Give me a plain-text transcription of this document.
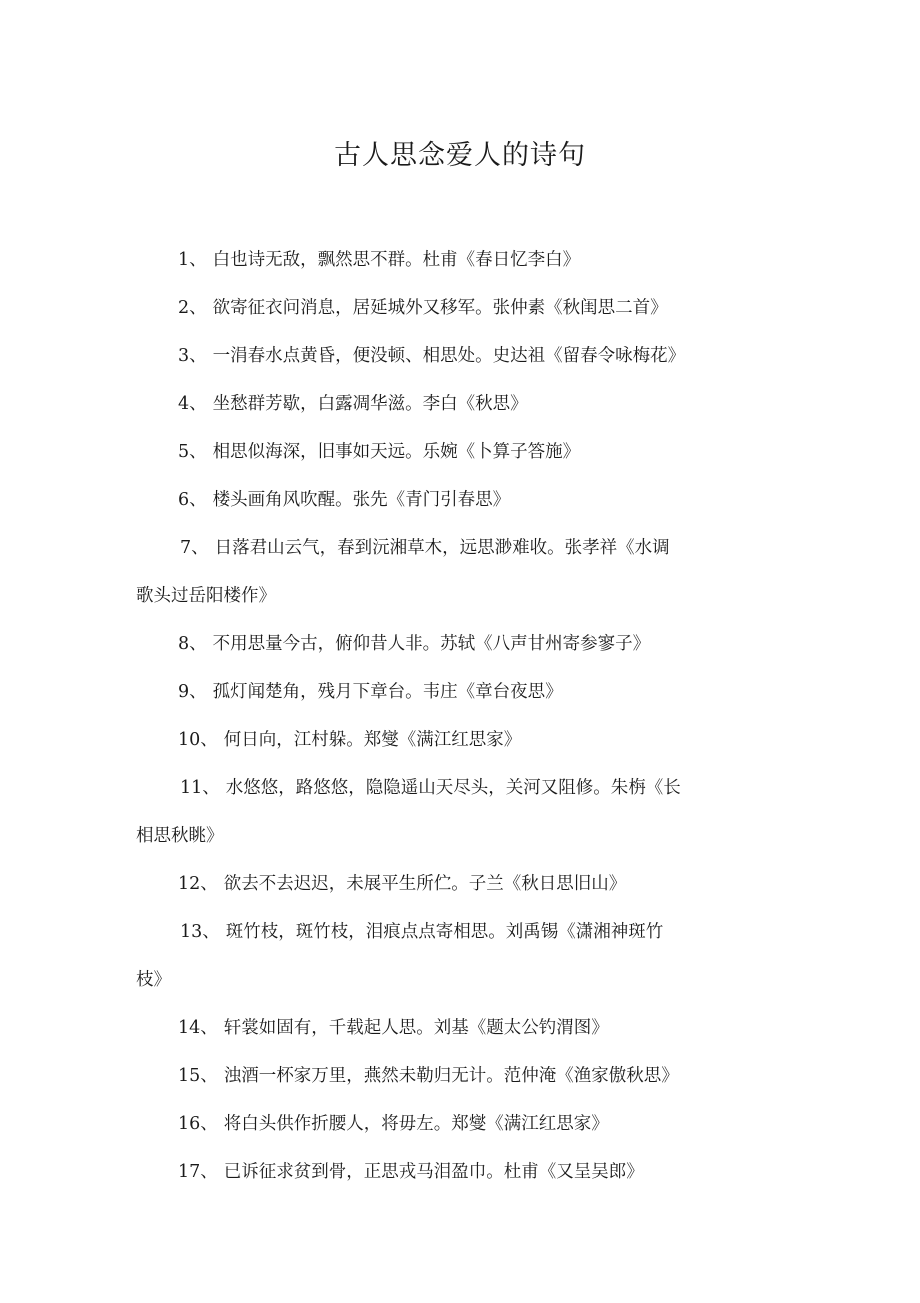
古人思念爱人的诗句
1、 白也诗无敌，飘然思不群。杜甫《春日忆李白》
2、 欲寄征衣问消息，居延城外又移军。张仲素《秋闺思二首》
3、 一涓春水点黄昏，便没顿、相思处。史达祖《留春令咏梅花》
4、 坐愁群芳歇，白露凋华滋。李白《秋思》
5、 相思似海深，旧事如天远。乐婉《卜算子答施》
6、 楼头画角风吹醒。张先《青门引春思》
7、 日落君山云气，春到沅湘草木，远思渺难收。张孝祥《水调
歌头过岳阳楼作》
8、 不用思量今古，俯仰昔人非。苏轼《八声甘州寄参寥子》
9、 孤灯闻楚角，残月下章台。韦庄《章台夜思》
10、 何日向，江村躲。郑燮《满江红思家》
11、 水悠悠，路悠悠，隐隐遥山天尽头，关河又阻修。朱栴《长
相思秋眺》
12、 欲去不去迟迟，未展平生所伫。子兰《秋日思旧山》
13、 斑竹枝，斑竹枝，泪痕点点寄相思。刘禹锡《潇湘神斑竹
枝》
14、 轩裳如固有，千载起人思。刘基《题太公钓渭图》
15、 浊酒一杯家万里，燕然未勒归无计。范仲淹《渔家傲秋思》
16、 将白头供作折腰人，将毋左。郑燮《满江红思家》
17、 已诉征求贫到骨，正思戎马泪盈巾。杜甫《又呈吴郎》
